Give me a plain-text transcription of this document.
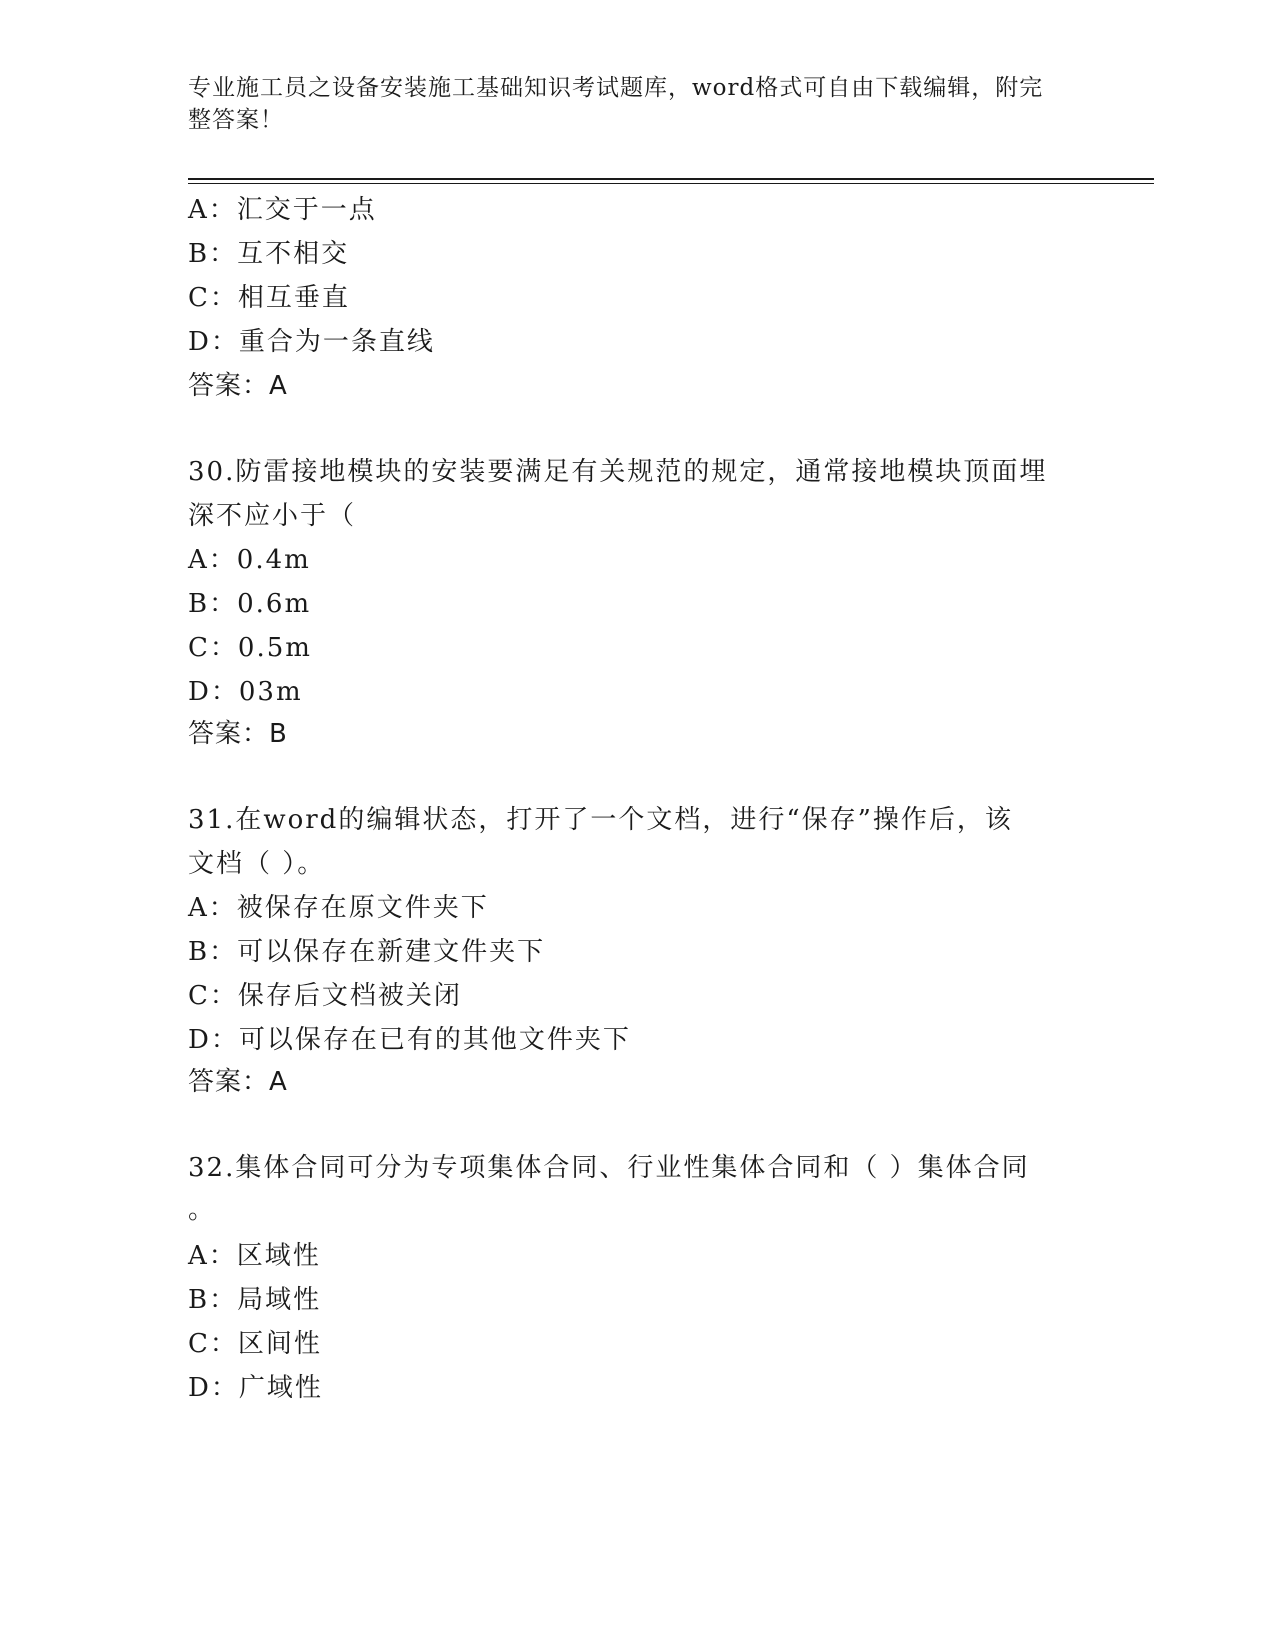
专业施工员之设备安装施工基础知识考试题库，word格式可自由下载编辑，附完
整答案！
A：汇交于一点
B：互不相交
C：相互垂直
D：重合为一条直线
答案：A
30.防雷接地模块的安装要满足有关规范的规定，通常接地模块顶面埋
深不应小于（
A：0.4m
B：0.6m
C：0.5m
D：03m
答案：B
31.在word的编辑状态，打开了一个文档，进行“保存”操作后，该
文档（ ）。
A：被保存在原文件夹下
B：可以保存在新建文件夹下
C：保存后文档被关闭
D：可以保存在已有的其他文件夹下
答案：A
32.集体合同可分为专项集体合同、行业性集体合同和（ ）集体合同
。
A：区域性
B：局域性
C：区间性
D：广域性
